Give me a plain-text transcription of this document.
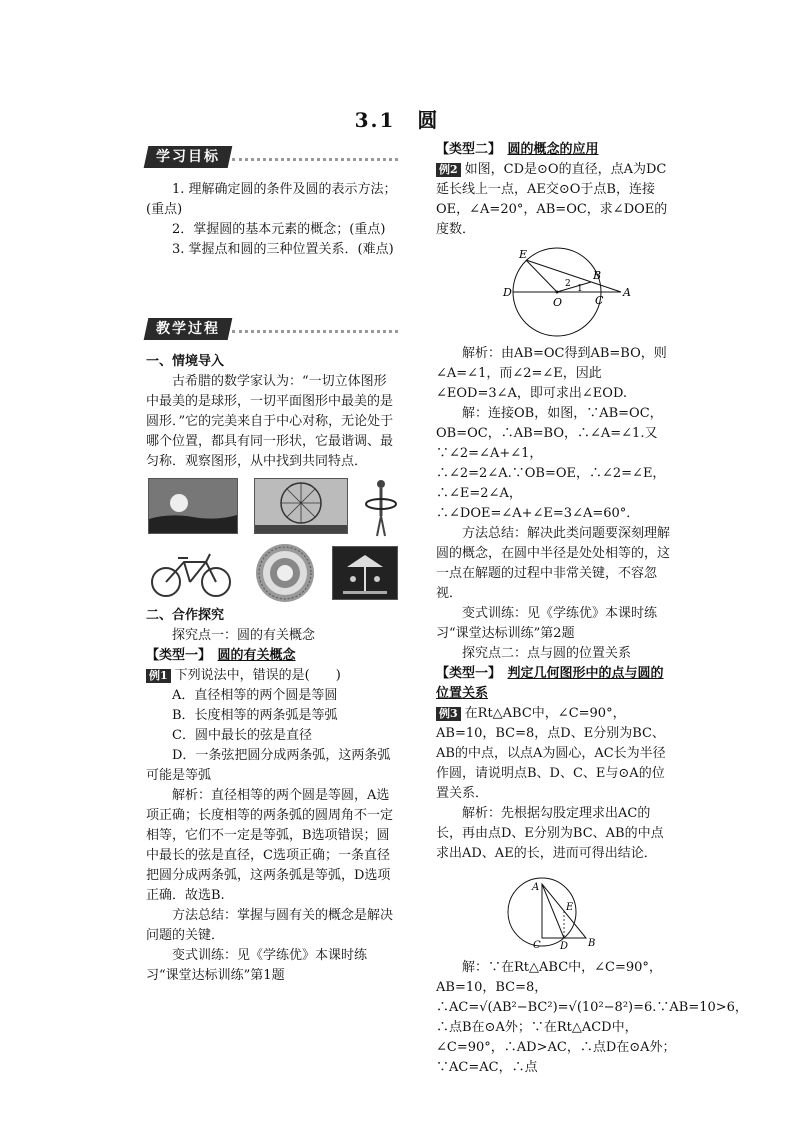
3.1　圆
学习目标

1. 理解确定圆的条件及圆的表示方法；(重点)

2．掌握圆的基本元素的概念；(重点)

3. 掌握点和圆的三种位置关系．(难点)

教学过程

一、情境导入

古希腊的数学家认为：“一切立体图形中最美的是球形，一切平面图形中最美的是圆形．”它的完美来自于中心对称，无论处于哪个位置，都具有同一形状，它最谐调、最匀称．观察图形，从中找到共同特点．

二、合作探究

探究点一：圆的有关概念

【类型一】　 圆的有关概念

例1 下列说法中，错误的是(　　)

A．直径相等的两个圆是等圆

B．长度相等的两条弧是等弧

C．圆中最长的弦是直径

D．一条弦把圆分成两条弧，这两条弧可能是等弧

解析：直径相等的两个圆是等圆，A选项正确；长度相等的两条弧的圆周角不一定相等，它们不一定是等弧，B选项错误；圆中最长的弦是直径，C选项正确；一条直径把圆分成两条弧，这两条弧是等弧，D选项正确．故选B.

方法总结：掌握与圆有关的概念是解决问题的关键．

变式训练：见《学练优》本课时练习“课堂达标训练”第1题

【类型二】　 圆的概念的应用

例2 如图，CD是⊙O的直径，点A为DC延长线上一点，AE交⊙O于点B，连接OE，∠A=20°，AB=OC，求∠DOE的度数．

E
B
D
O	C
A
1
2

解析：由AB=OC得到AB=BO，则∠A=∠1，而∠2=∠E，因此∠EOD=3∠A，即可求出∠EOD.

解：连接OB，如图，∵AB=OC，OB=OC，∴AB=BO，∴∠A=∠1.又∵∠2=∠A+∠1，∴∠2=2∠A.∵OB=OE，∴∠2=∠E，∴∠E=2∠A，∴∠DOE=∠A+∠E=3∠A=60°．

方法总结：解决此类问题要深刻理解圆的概念，在圆中半径是处处相等的，这一点在解题的过程中非常关键，不容忽视．

变式训练：见《学练优》本课时练习“课堂达标训练”第2题

探究点二：点与圆的位置关系

【类型一】　 判定几何图形中的点与圆的位置关系

例3 在Rt△ABC中，∠C=90°，AB=10，BC=8，点D、E分别为BC、AB的中点，以点A为圆心，AC长为半径作圆，请说明点B、D、C、E与⊙A的位置关系．

解析：先根据勾股定理求出AC的长，再由点D、E分别为BC、AB的中点求出AD、AE的长，进而可得出结论．

A
E
C D B

解：∵在Rt△ABC中，∠C=90°，AB=10，BC=8，∴AC=√(AB²−BC²)=√(10²−8²)=6.∵AB=10>6，∴点B在⊙A外；∵在Rt△ACD中，∠C=90°，∴AD>AC，∴点D在⊙A外；∵AC=AC，∴点
